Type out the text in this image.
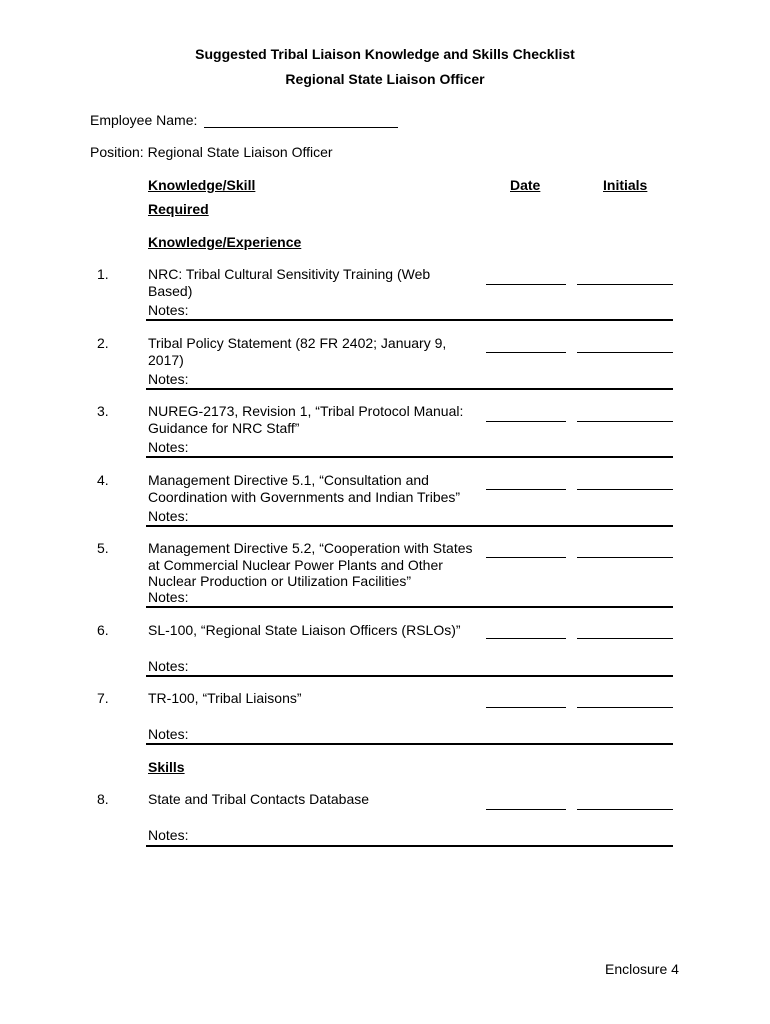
Suggested Tribal Liaison Knowledge and Skills Checklist
Regional State Liaison Officer
Employee Name:
Position: Regional State Liaison Officer
Knowledge/Skill	Date	Initials
Required
Knowledge/Experience
1.	NRC: Tribal Cultural Sensitivity Training (Web Based)
Notes:
2.	Tribal Policy Statement (82 FR 2402; January 9, 2017)
Notes:
3.	NUREG-2173, Revision 1, “Tribal Protocol Manual: Guidance for NRC Staff”
Notes:
4.	Management Directive 5.1, “Consultation and Coordination with Governments and Indian Tribes”
Notes:
5.	Management Directive 5.2, “Cooperation with States at Commercial Nuclear Power Plants and Other Nuclear Production or Utilization Facilities”
Notes:
6.	SL-100, “Regional State Liaison Officers (RSLOs)”
Notes:
7.	TR-100, “Tribal Liaisons”
Notes:
Skills
8.	State and Tribal Contacts Database
Notes:
Enclosure 4
